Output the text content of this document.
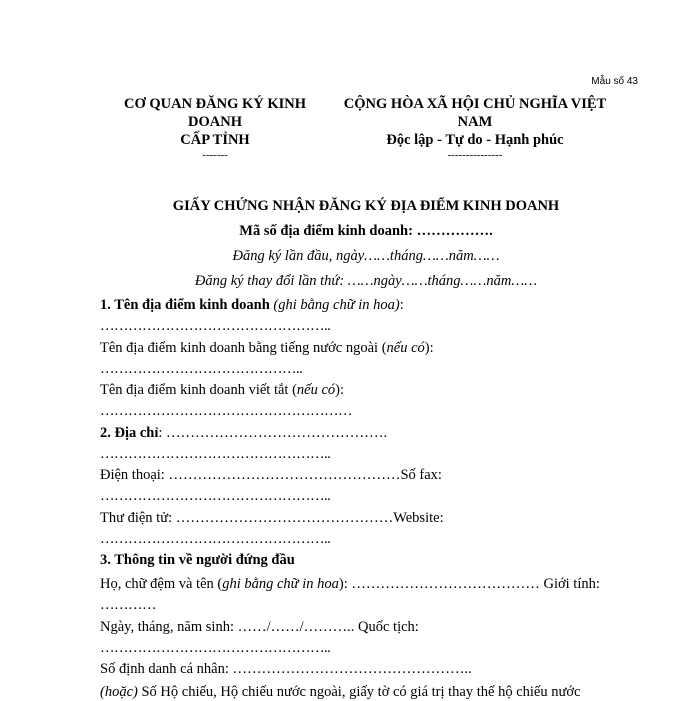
Mẫu số 43
CƠ QUAN ĐĂNG KÝ KINH
DOANH
CẤP TỈNH
-------
CỘNG HÒA XÃ HỘI CHỦ NGHĨA VIỆT
NAM
Độc lập - Tự do - Hạnh phúc
---------------
GIẤY CHỨNG NHẬN ĐĂNG KÝ ĐỊA ĐIỂM KINH DOANH
Mã số địa điểm kinh doanh: …………….
Đăng ký lần đầu, ngày……tháng……năm……
Đăng ký thay đổi lần thứ: ……ngày……tháng……năm……
1. Tên địa điểm kinh doanh (ghi bằng chữ in hoa):
…………………………………………..
Tên địa điểm kinh doanh bằng tiếng nước ngoài (nếu có):
……………………………………..
Tên địa điểm kinh doanh viết tắt (nếu có):
………………………………………………
2. Địa chỉ: ……………………………………….
…………………………………………..
Điện thoại: …………………………………………Số fax:
…………………………………………..
Thư điện tử: ………………………………………Website:
…………………………………………..
3. Thông tin về người đứng đầu
Họ, chữ đệm và tên (ghi bằng chữ in hoa): ………………………………… Giới tính:
…………
Ngày, tháng, năm sinh: ……/……/……….. Quốc tịch:
…………………………………………..
Số định danh cá nhân: …………………………………………..
(hoặc) Số Hộ chiếu, Hộ chiếu nước ngoài, giấy tờ có giá trị thay thế hộ chiếu nước
